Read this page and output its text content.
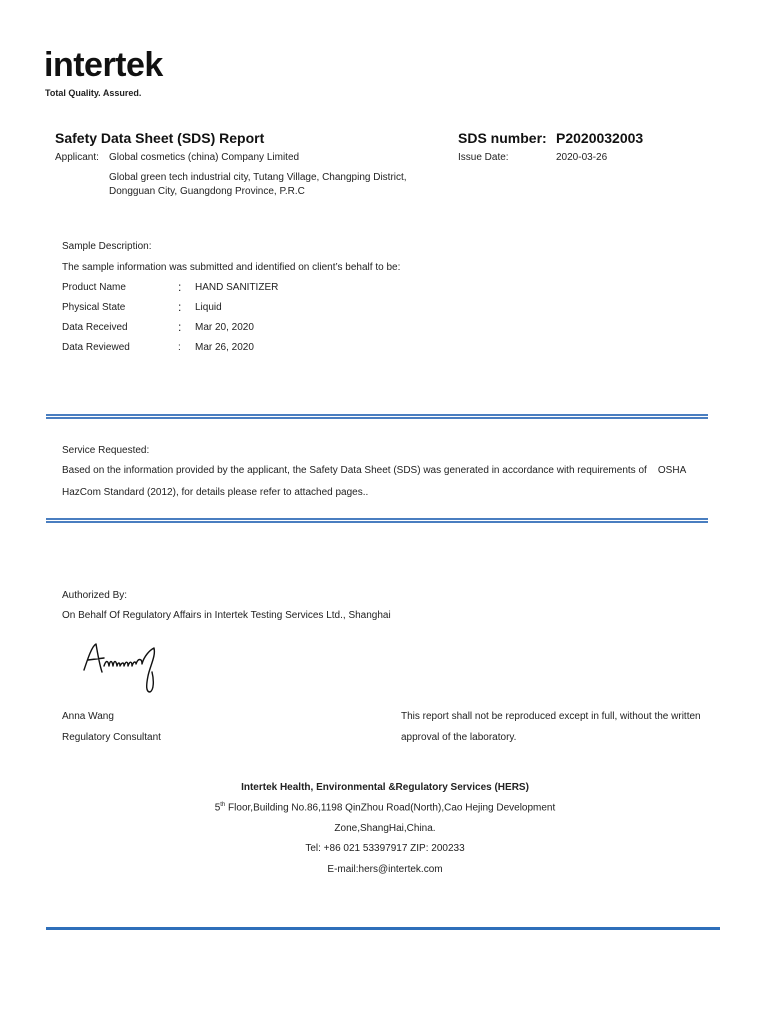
intertek
Total Quality. Assured.
Safety Data Sheet (SDS) Report	SDS number: P2020032003
Applicant: Global cosmetics (china) Company Limited	Issue Date:	2020-03-26
Global green tech industrial city, Tutang Village, Changping District,
Dongguan City, Guangdong Province, P.R.C
Sample Description:
The sample information was submitted and identified on client’s behalf to be:
Product Name	: HAND SANITIZER
Physical State	: Liquid
Data Received	: Mar 20, 2020
Data Reviewed	: Mar 26, 2020
Service Requested:
Based on the information provided by the applicant, the Safety Data Sheet (SDS) was generated in accordance with requirements of    OSHA
HazCom Standard (2012), for details please refer to attached pages..
Authorized By:
On Behalf Of Regulatory Affairs in Intertek Testing Services Ltd., Shanghai
Anna Wang
Regulatory Consultant
This report shall not be reproduced except in full, without the written
approval of the laboratory.
Intertek Health, Environmental &Regulatory Services (HERS)
5th Floor,Building No.86,1198 QinZhou Road(North),Cao Hejing Development
Zone,ShangHai,China.
Tel: +86 021 53397917 ZIP: 200233
E-mail:hers@intertek.com
